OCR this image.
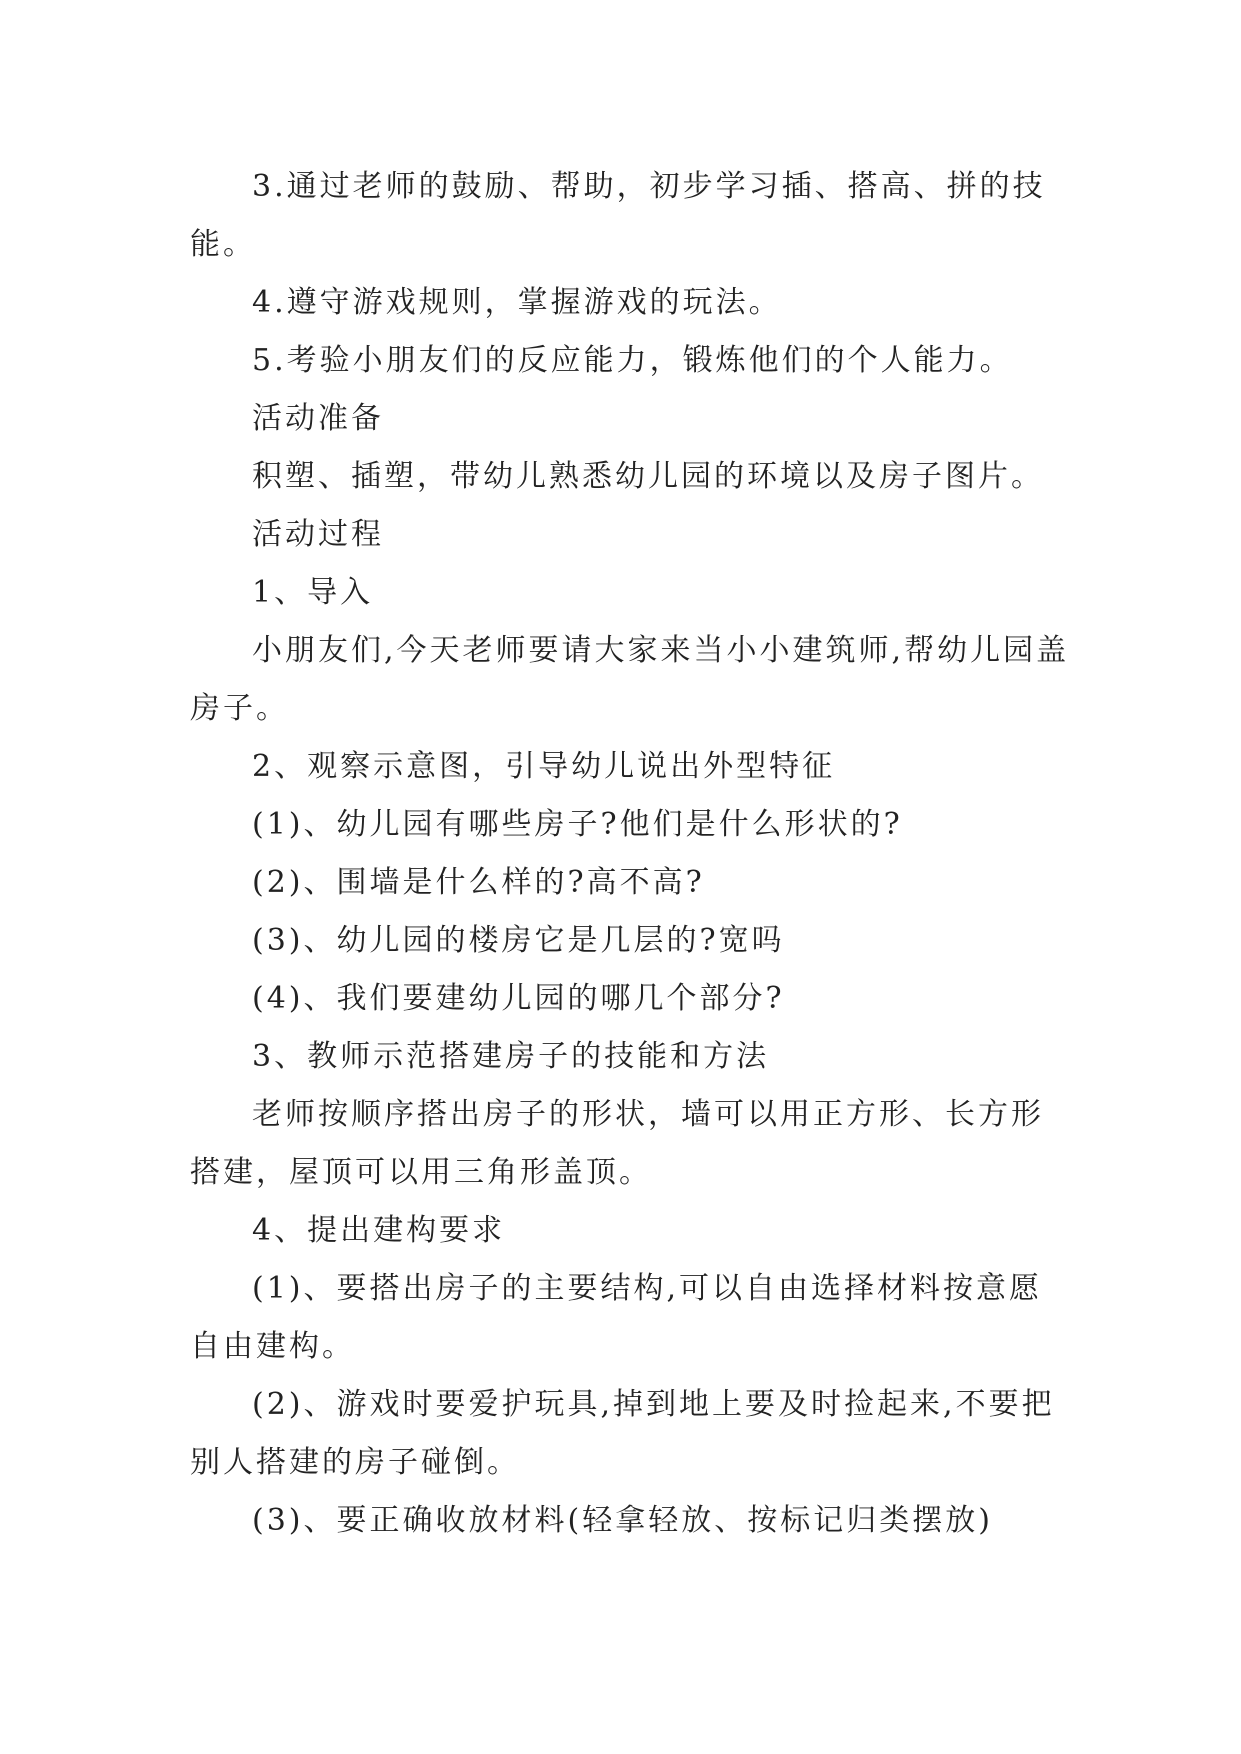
3.通过老师的鼓励、帮助，初步学习插、搭高、拼的技能。

4.遵守游戏规则，掌握游戏的玩法。

5.考验小朋友们的反应能力，锻炼他们的个人能力。

活动准备

积塑、插塑，带幼儿熟悉幼儿园的环境以及房子图片。

活动过程

1、导入

小朋友们,今天老师要请大家来当小小建筑师,帮幼儿园盖房子。

2、观察示意图，引导幼儿说出外型特征

(1)、幼儿园有哪些房子?他们是什么形状的?

(2)、围墙是什么样的?高不高?

(3)、幼儿园的楼房它是几层的?宽吗

(4)、我们要建幼儿园的哪几个部分?

3、教师示范搭建房子的技能和方法

老师按顺序搭出房子的形状，墙可以用正方形、长方形搭建，屋顶可以用三角形盖顶。

4、提出建构要求

(1)、要搭出房子的主要结构,可以自由选择材料按意愿自由建构。

(2)、游戏时要爱护玩具,掉到地上要及时捡起来,不要把别人搭建的房子碰倒。

(3)、要正确收放材料(轻拿轻放、按标记归类摆放)
